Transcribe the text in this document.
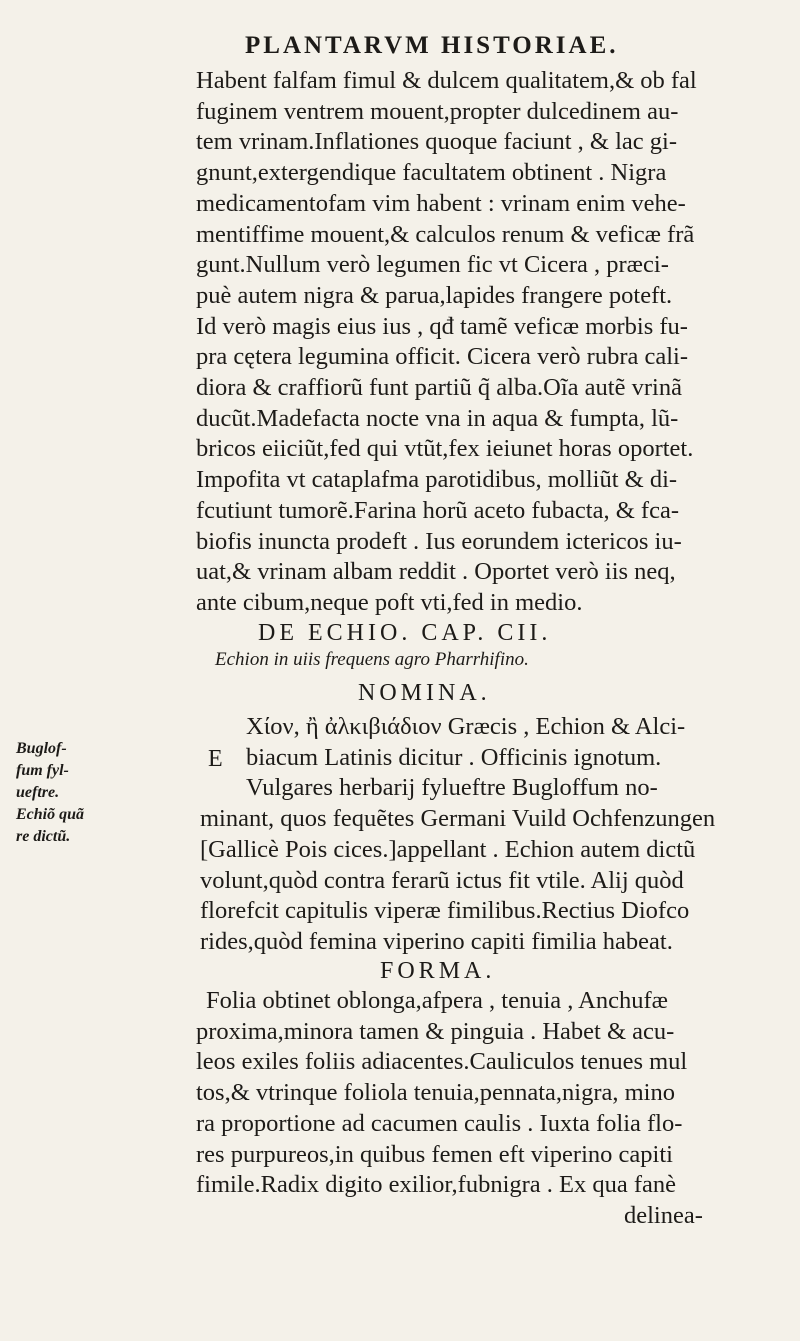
PLANTARVM HISTORIAE.
Habent falfam fimul & dulcem qualitatem,& ob fal
fuginem ventrem mouent,propter dulcedinem au-
tem vrinam.Inflationes quoque faciunt , & lac gi-
gnunt,extergendique facultatem obtinent . Nigra
medicamentofam vim habent : vrinam enim vehe-
mentiffime mouent,& calculos renum & veficæ frã
gunt.Nullum verò legumen fic vt Cicera , præci-
puè autem nigra & parua,lapides frangere poteft.
Id verò magis eius ius , qđ tamẽ veficæ morbis fu-
pra cętera legumina officit. Cicera verò rubra cali-
diora & craffiorũ funt partiũ q̃ alba.Oĩa autẽ vrinã
ducũt.Madefacta nocte vna in aqua & fumpta, lũ-
bricos eiiciũt,fed qui vtũt,fex ieiunet horas oportet.
Impofita vt cataplafma parotidibus, molliũt & di-
fcutiunt tumorẽ.Farina horũ aceto fubacta, & fca-
biofis inuncta prodeft . Ius eorundem ictericos iu-
uat,& vrinam albam reddit . Oportet verò iis neq,
ante cibum,neque poft vti,fed in medio.
DE ECHIO. CAP. CII.
Echion in uiis frequens agro Pharrhifino.
NOMINA.
E
Χίον, ἢ ἀλκιβιάδιον Græcis , Echion & Alci-
biacum Latinis dicitur . Officinis ignotum.
Vulgares herbarij fylueftre Bugloffum no-
minant, quos fequẽtes Germani Vuild Ochfenzungen
[Gallicè Pois cices.]appellant . Echion autem dictũ
volunt,quòd contra ferarũ ictus fit vtile. Alij quòd
florefcit capitulis viperæ fimilibus.Rectius Diofco
rides,quòd femina viperino capiti fimilia habeat.
FORMA.
Folia obtinet oblonga,afpera , tenuia , Anchufæ
proxima,minora tamen & pinguia . Habet & acu-
leos exiles foliis adiacentes.Cauliculos tenues mul
tos,& vtrinque foliola tenuia,pennata,nigra, mino
ra proportione ad cacumen caulis . Iuxta folia flo-
res purpureos,in quibus femen eft viperino capiti
fimile.Radix digito exilior,fubnigra . Ex qua fanè
delinea-
Buglof-
fum fyl-
ueftre.
Echiõ quã
re dictũ.
